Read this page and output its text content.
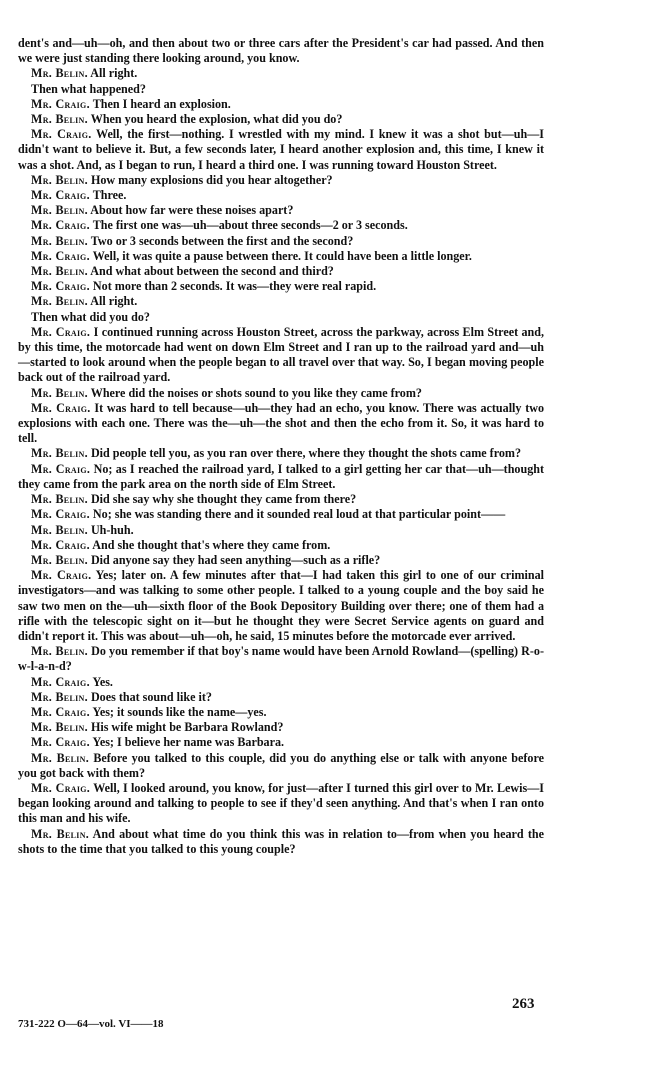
dent's and—uh—oh, and then about two or three cars after the President's car had passed. And then we were just standing there looking around, you know.

Mr. Belin. All right.

Then what happened?

Mr. Craig. Then I heard an explosion.

Mr. Belin. When you heard the explosion, what did you do?

Mr. Craig. Well, the first—nothing. I wrestled with my mind. I knew it was a shot but—uh—I didn't want to believe it. But, a few seconds later, I heard another explosion and, this time, I knew it was a shot. And, as I began to run, I heard a third one. I was running toward Houston Street.

Mr. Belin. How many explosions did you hear altogether?

Mr. Craig. Three.

Mr. Belin. About how far were these noises apart?

Mr. Craig. The first one was—uh—about three seconds—2 or 3 seconds.

Mr. Belin. Two or 3 seconds between the first and the second?

Mr. Craig. Well, it was quite a pause between there. It could have been a little longer.

Mr. Belin. And what about between the second and third?

Mr. Craig. Not more than 2 seconds. It was—they were real rapid.

Mr. Belin. All right.

Then what did you do?

Mr. Craig. I continued running across Houston Street, across the parkway, across Elm Street and, by this time, the motorcade had went on down Elm Street and I ran up to the railroad yard and—uh—started to look around when the people began to all travel over that way. So, I began moving people back out of the railroad yard.

Mr. Belin. Where did the noises or shots sound to you like they came from?

Mr. Craig. It was hard to tell because—uh—they had an echo, you know. There was actually two explosions with each one. There was the—uh—the shot and then the echo from it. So, it was hard to tell.

Mr. Belin. Did people tell you, as you ran over there, where they thought the shots came from?

Mr. Craig. No; as I reached the railroad yard, I talked to a girl getting her car that—uh—thought they came from the park area on the north side of Elm Street.

Mr. Belin. Did she say why she thought they came from there?

Mr. Craig. No; she was standing there and it sounded real loud at that particular point——

Mr. Belin. Uh-huh.

Mr. Craig. And she thought that's where they came from.

Mr. Belin. Did anyone say they had seen anything—such as a rifle?

Mr. Craig. Yes; later on. A few minutes after that—I had taken this girl to one of our criminal investigators—and was talking to some other people. I talked to a young couple and the boy said he saw two men on the—uh—sixth floor of the Book Depository Building over there; one of them had a rifle with the telescopic sight on it—but he thought they were Secret Service agents on guard and didn't report it. This was about—uh—oh, he said, 15 minutes before the motorcade ever arrived.

Mr. Belin. Do you remember if that boy's name would have been Arnold Rowland—(spelling) R-o-w-l-a-n-d?

Mr. Craig. Yes.

Mr. Belin. Does that sound like it?

Mr. Craig. Yes; it sounds like the name—yes.

Mr. Belin. His wife might be Barbara Rowland?

Mr. Craig. Yes; I believe her name was Barbara.

Mr. Belin. Before you talked to this couple, did you do anything else or talk with anyone before you got back with them?

Mr. Craig. Well, I looked around, you know, for just—after I turned this girl over to Mr. Lewis—I began looking around and talking to people to see if they'd seen anything. And that's when I ran onto this man and his wife.

Mr. Belin. And about what time do you think this was in relation to—from when you heard the shots to the time that you talked to this young couple?

263
731-222 O—64—vol. VI——18
